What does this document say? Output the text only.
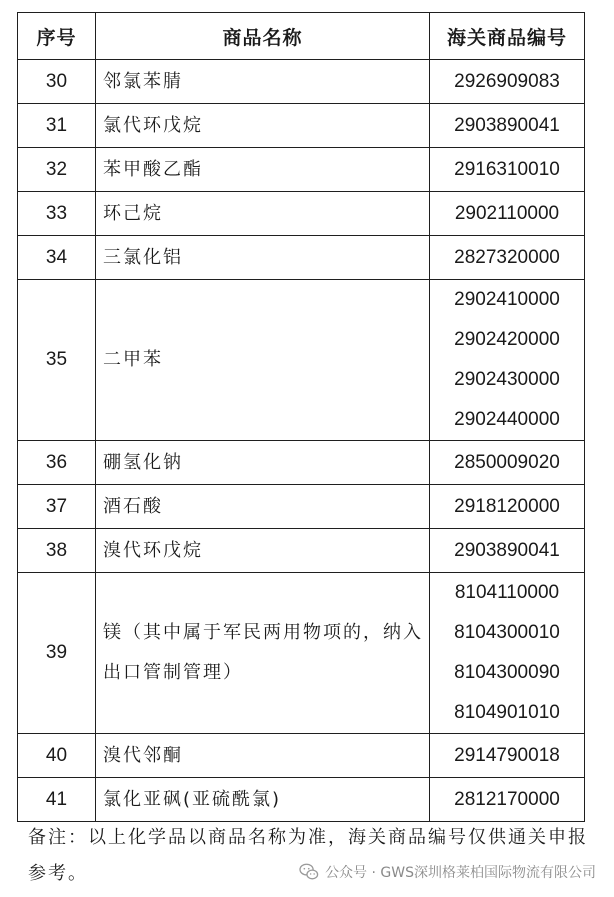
序号	商品名称	海关商品编号
30	邻氯苯腈	2926909083

31	氯代环戊烷	2903890041

32	苯甲酸乙酯	2916310010

33	环己烷	2902110000

34	三氯化铝	2827320000

35	二甲苯	2902410000
2902420000
2902430000
2902440000

36	硼氢化钠	2850009020

37	酒石酸	2918120000

38	溴代环戊烷	2903890041

39	镁（其中属于军民两用物项的，纳入出口管制管理）	8104110000
8104300010
8104300090
8104901010

40	溴代邻酮	2914790018

41	氯化亚砜(亚硫酰氯)	2812170000
备注：以上化学品以商品名称为准，海关商品编号仅供通关申报参考。	公众号 · GWS深圳格莱柏国际物流有限公司
